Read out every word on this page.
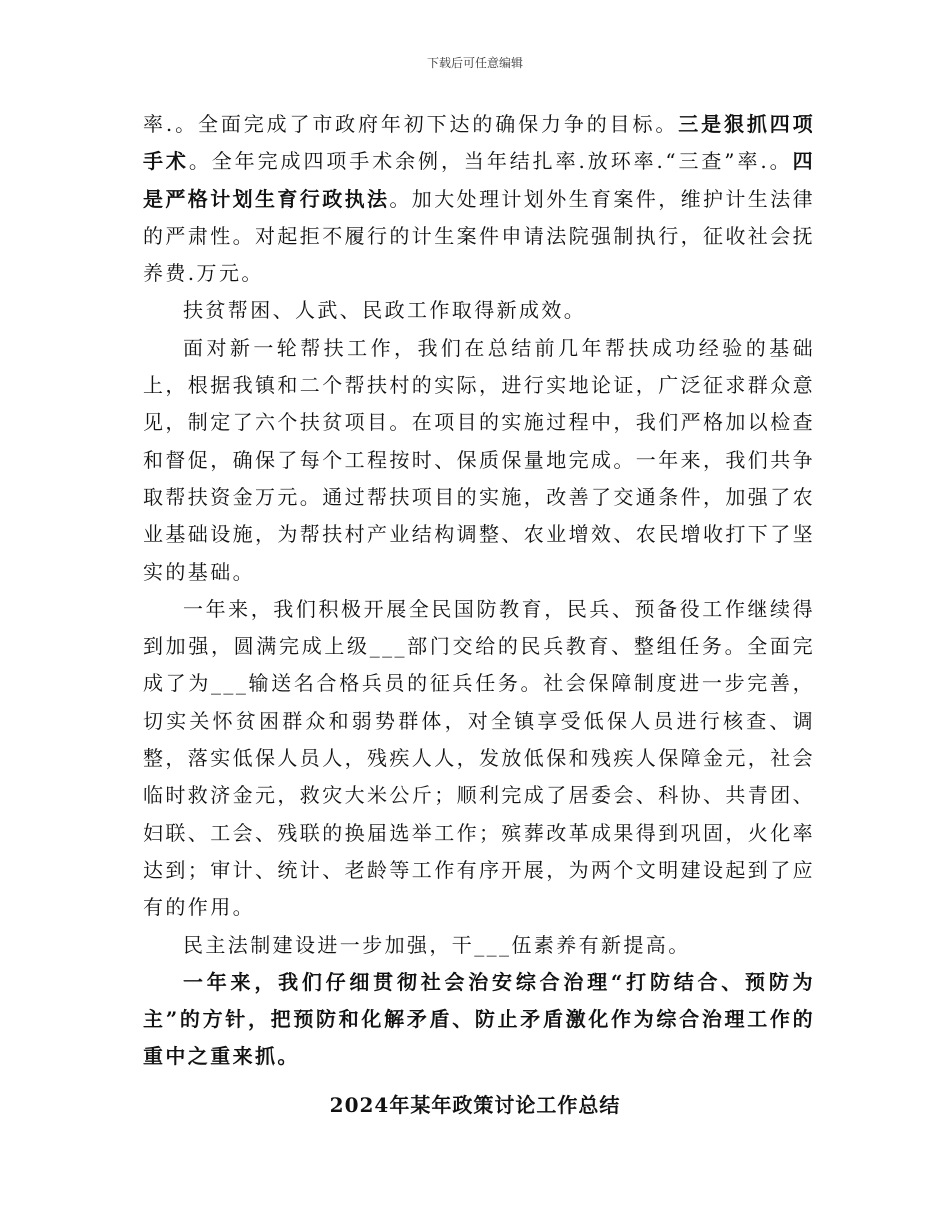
下载后可任意编辑

率.。全面完成了市政府年初下达的确保力争的目标。三是狠抓四项手术。全年完成四项手术余例，当年结扎率.放环率.“三查”率.。四是严格计划生育行政执法。加大处理计划外生育案件，维护计生法律的严肃性。对起拒不履行的计生案件申请法院强制执行，征收社会抚养费.万元。

扶贫帮困、人武、民政工作取得新成效。

面对新一轮帮扶工作，我们在总结前几年帮扶成功经验的基础上，根据我镇和二个帮扶村的实际，进行实地论证，广泛征求群众意见，制定了六个扶贫项目。在项目的实施过程中，我们严格加以检查和督促，确保了每个工程按时、保质保量地完成。一年来，我们共争取帮扶资金万元。通过帮扶项目的实施，改善了交通条件，加强了农业基础设施，为帮扶村产业结构调整、农业增效、农民增收打下了坚实的基础。

一年来，我们积极开展全民国防教育，民兵、预备役工作继续得到加强，圆满完成上级___部门交给的民兵教育、整组任务。全面完成了为___输送名合格兵员的征兵任务。社会保障制度进一步完善，切实关怀贫困群众和弱势群体，对全镇享受低保人员进行核查、调整，落实低保人员人，残疾人人，发放低保和残疾人保障金元，社会临时救济金元，救灾大米公斤；顺利完成了居委会、科协、共青团、妇联、工会、残联的换届选举工作；殡葬改革成果得到巩固，火化率达到；审计、统计、老龄等工作有序开展，为两个文明建设起到了应有的作用。

民主法制建设进一步加强，干___伍素养有新提高。

一年来，我们仔细贯彻社会治安综合治理“打防结合、预防为主”的方针，把预防和化解矛盾、防止矛盾激化作为综合治理工作的重中之重来抓。

2024年某年政策讨论工作总结
